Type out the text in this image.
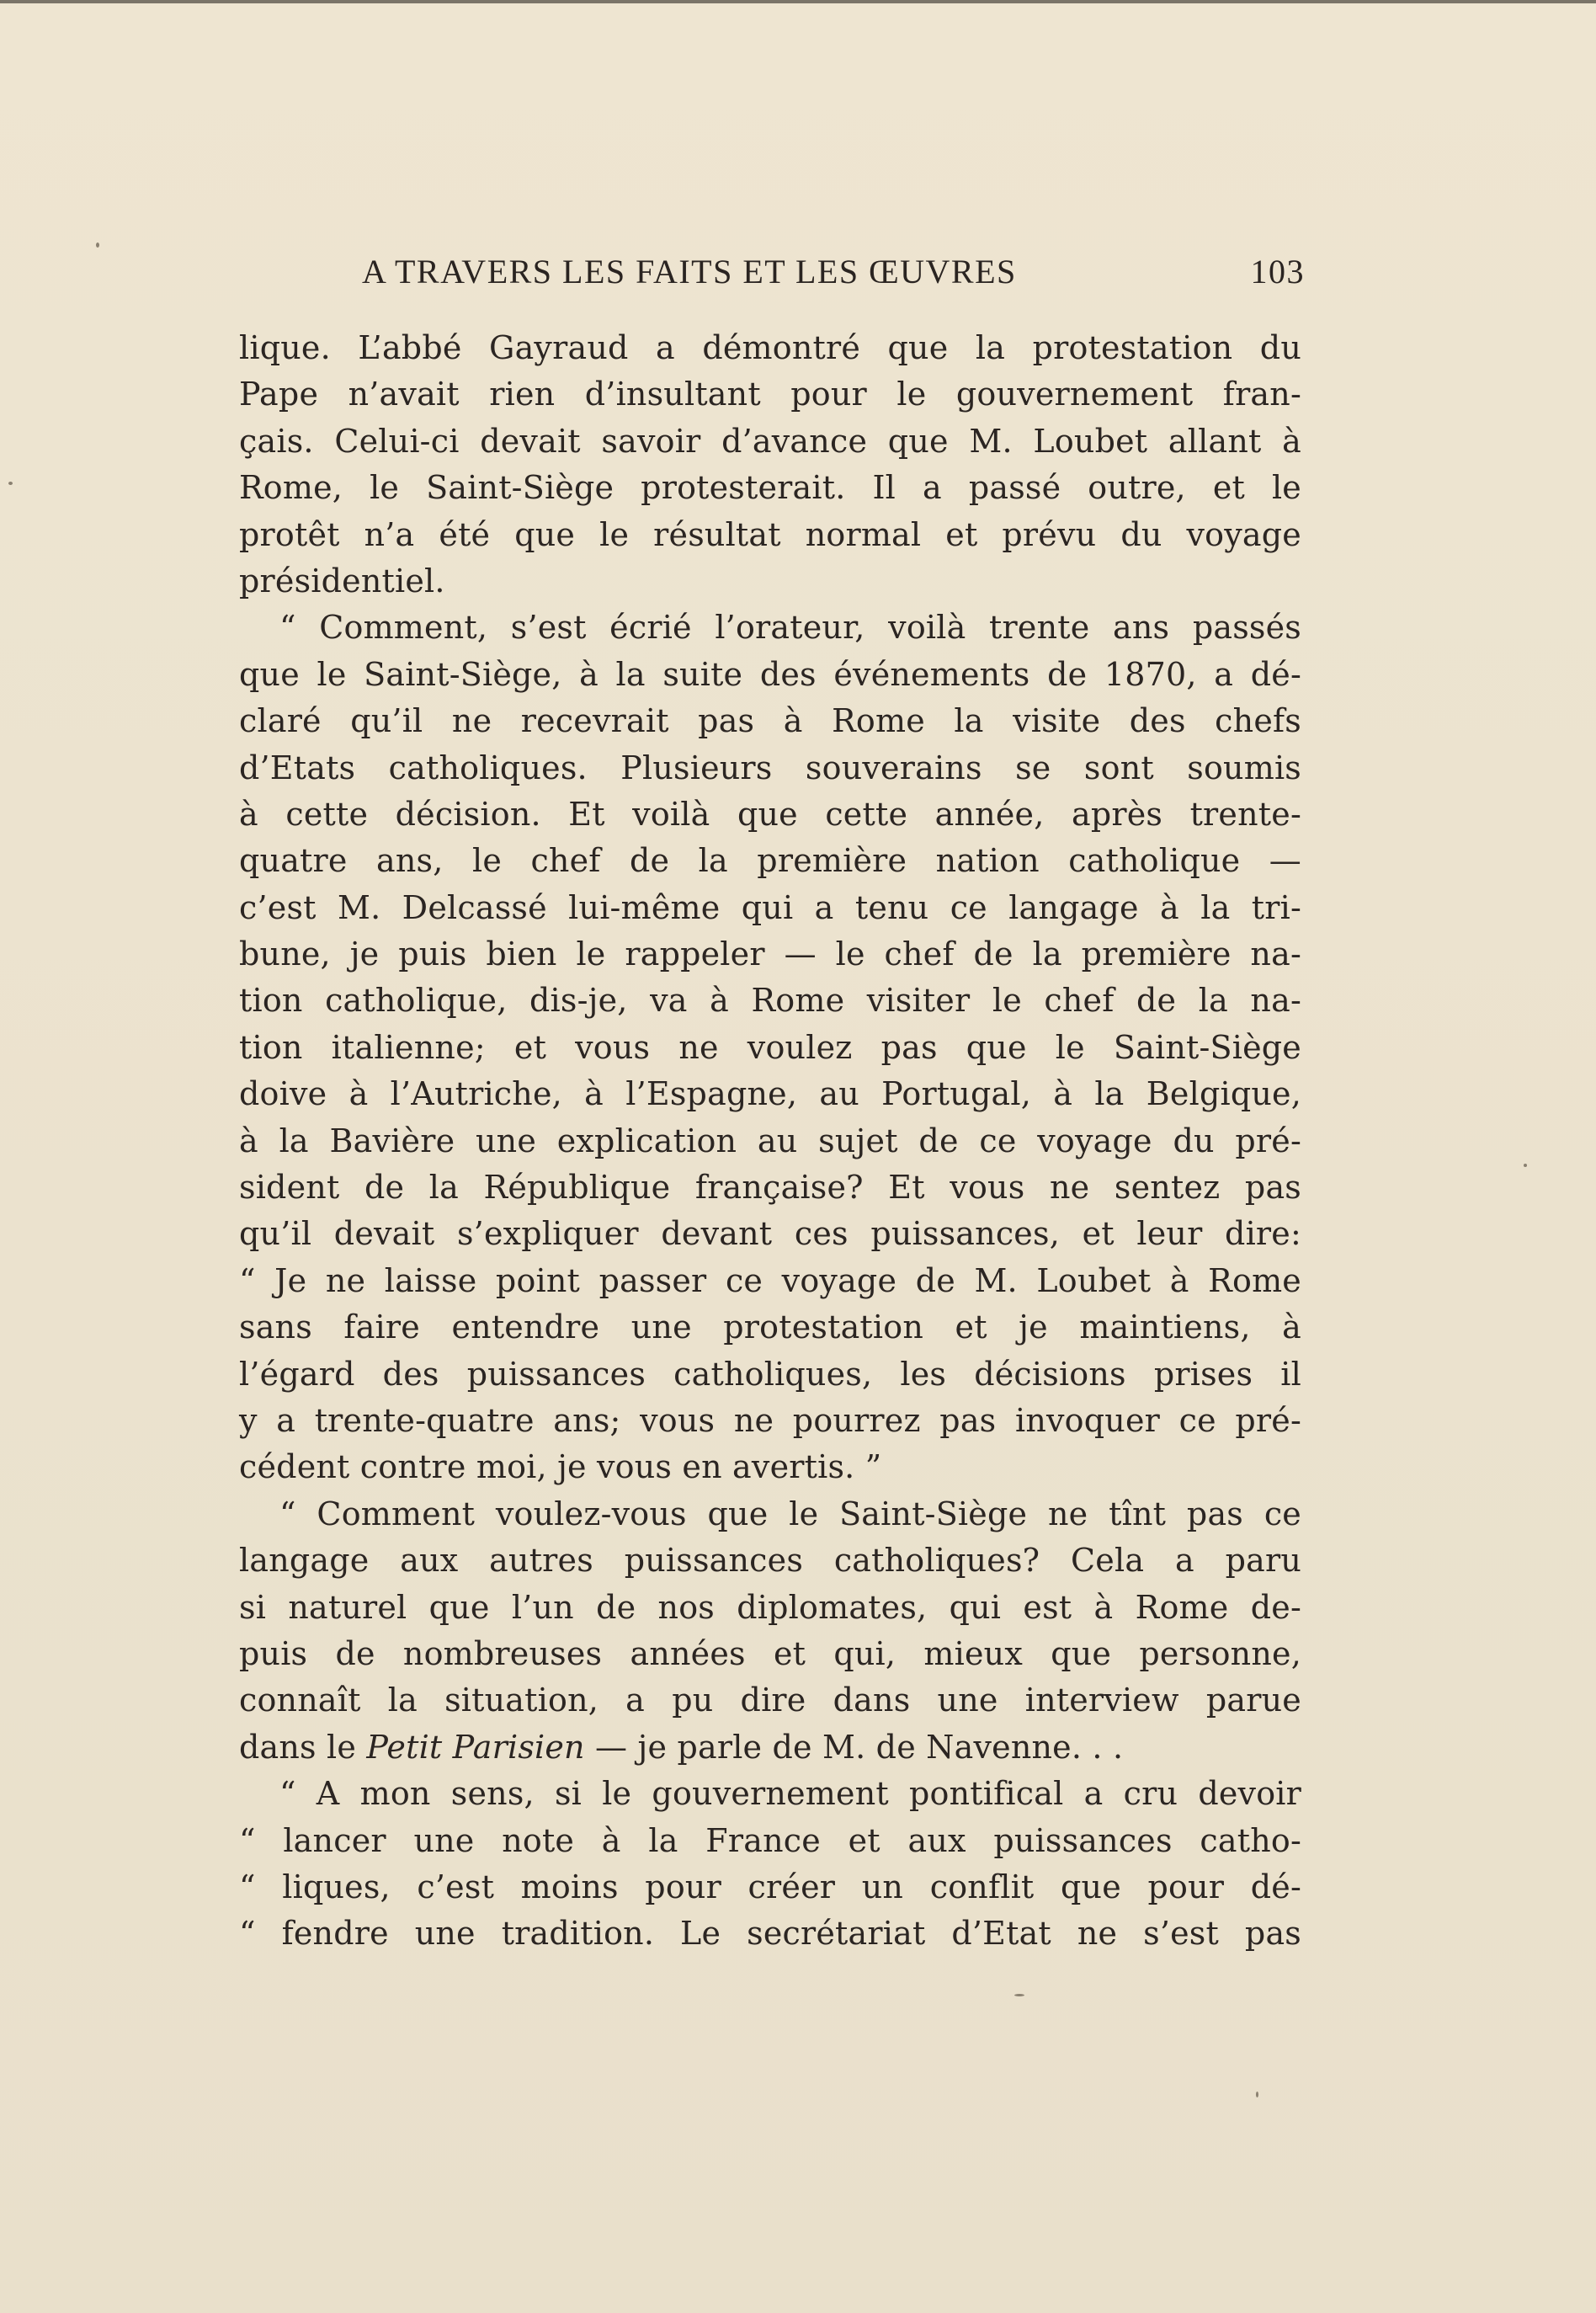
A TRAVERS LES FAITS ET LES ŒUVRES	103
lique. L’abbé Gayraud a démontré que la protestation du
Pape n’avait rien d’insultant pour le gouvernement fran-
çais. Celui-ci devait savoir d’avance que M. Loubet allant à
Rome, le Saint-Siège protesterait. Il a passé outre, et le
protêt n’a été que le résultat normal et prévu du voyage
présidentiel.
“ Comment, s’est écrié l’orateur, voilà trente ans passés
que le Saint-Siège, à la suite des événements de 1870, a dé-
claré qu’il ne recevrait pas à Rome la visite des chefs
d’Etats catholiques. Plusieurs souverains se sont soumis
à cette décision. Et voilà que cette année, après trente-
quatre ans, le chef de la première nation catholique —
c’est M. Delcassé lui-même qui a tenu ce langage à la tri-
bune, je puis bien le rappeler — le chef de la première na-
tion catholique, dis-je, va à Rome visiter le chef de la na-
tion italienne; et vous ne voulez pas que le Saint-Siège
doive à l’Autriche, à l’Espagne, au Portugal, à la Belgique,
à la Bavière une explication au sujet de ce voyage du pré-
sident de la République française? Et vous ne sentez pas
qu’il devait s’expliquer devant ces puissances, et leur dire:
“ Je ne laisse point passer ce voyage de M. Loubet à Rome
sans faire entendre une protestation et je maintiens, à
l’égard des puissances catholiques, les décisions prises il
y a trente-quatre ans; vous ne pourrez pas invoquer ce pré-
cédent contre moi, je vous en avertis. ”
“ Comment voulez-vous que le Saint-Siège ne tînt pas ce
langage aux autres puissances catholiques? Cela a paru
si naturel que l’un de nos diplomates, qui est à Rome de-
puis de nombreuses années et qui, mieux que personne,
connaît la situation, a pu dire dans une interview parue
dans le Petit Parisien — je parle de M. de Navenne. . .
“ A mon sens, si le gouvernement pontifical a cru devoir
“ lancer une note à la France et aux puissances catho-
“ liques, c’est moins pour créer un conflit que pour dé-
“ fendre une tradition. Le secrétariat d’Etat ne s’est pas
